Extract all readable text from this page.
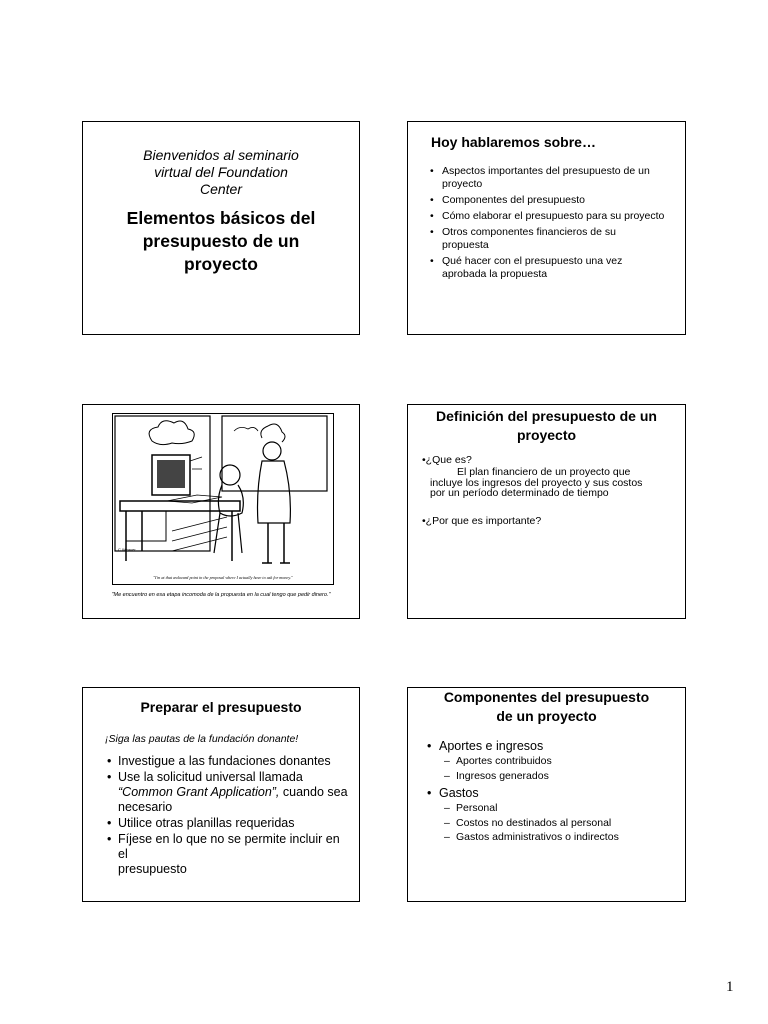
Bienvenidos al seminario
virtual del Foundation
Center
Elementos básicos del
presupuesto de un
proyecto
Hoy hablaremos sobre…
• Aspectos importantes del presupuesto de un proyecto
• Componentes del presupuesto
• Cómo elaborar el presupuesto para su proyecto
• Otros componentes financieros de su propuesta
• Qué hacer con el presupuesto una vez aprobada la propuesta
C.Weaver
"I'm at that awkward point in the proposal where I actually have to ask for money."
"Me encuentro en esa etapa incomoda de la propuesta en la cual tengo que pedir dinero."
Definición del presupuesto de un
proyecto
•¿Que es?
El plan financiero de un proyecto que
incluye los ingresos del proyecto y sus costos
por un período determinado de tiempo
•¿Por que es importante?
Preparar el presupuesto
¡Siga las pautas de la fundación donante!
• Investigue a las fundaciones donantes
• Use la solicitud universal llamada
“Common Grant Application”, cuando sea
necesario
• Utilice otras planillas requeridas
• Fíjese en lo que no se permite incluir en el
presupuesto
Componentes del presupuesto
de un proyecto
• Aportes e ingresos
– Aportes contribuidos
– Ingresos generados
• Gastos
– Personal
– Costos no destinados al personal
– Gastos administrativos o indirectos
1
